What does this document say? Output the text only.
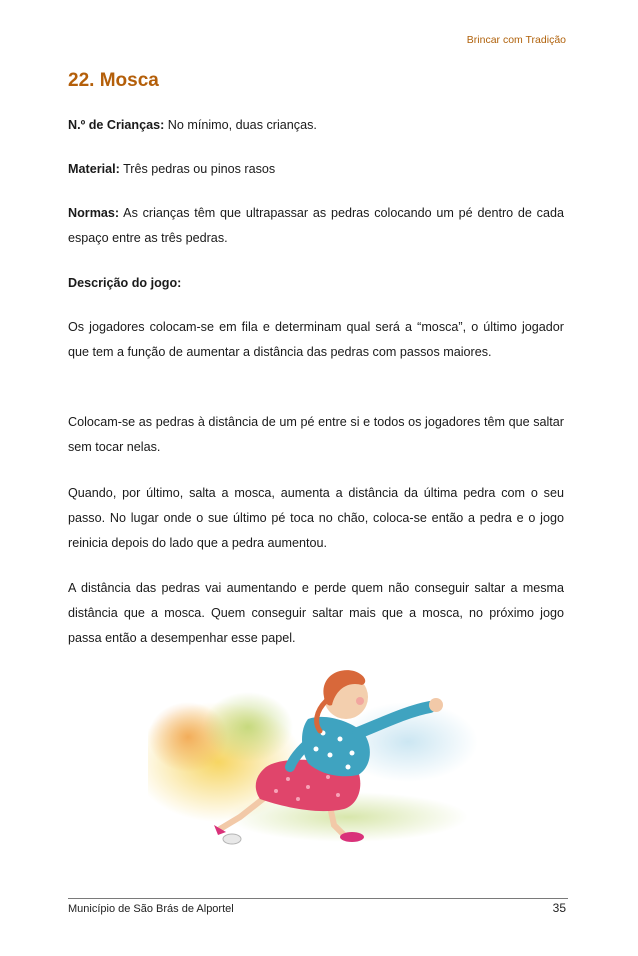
Brincar com Tradição
22. Mosca
N.º de Crianças: No mínimo, duas crianças.
Material: Três pedras ou pinos rasos
Normas: As crianças têm que ultrapassar as pedras colocando um pé dentro de cada espaço entre as três pedras.
Descrição do jogo:
Os jogadores colocam-se em fila e determinam qual será a “mosca”, o último jogador que tem a função de aumentar a distância das pedras com passos maiores.
Colocam-se as pedras à distância de um pé entre si e todos os jogadores têm que saltar sem tocar nelas.
Quando, por último, salta a mosca, aumenta a distância da última pedra com o seu passo. No lugar onde o sue último pé toca no chão, coloca-se então a pedra e o jogo reinicia depois do lado que a pedra aumentou.
A distância das pedras vai aumentando e perde quem não conseguir saltar a mesma distância que a mosca. Quem conseguir saltar mais que a mosca, no próximo jogo passa então a desempenhar esse papel.
Município de São Brás de Alportel	35
